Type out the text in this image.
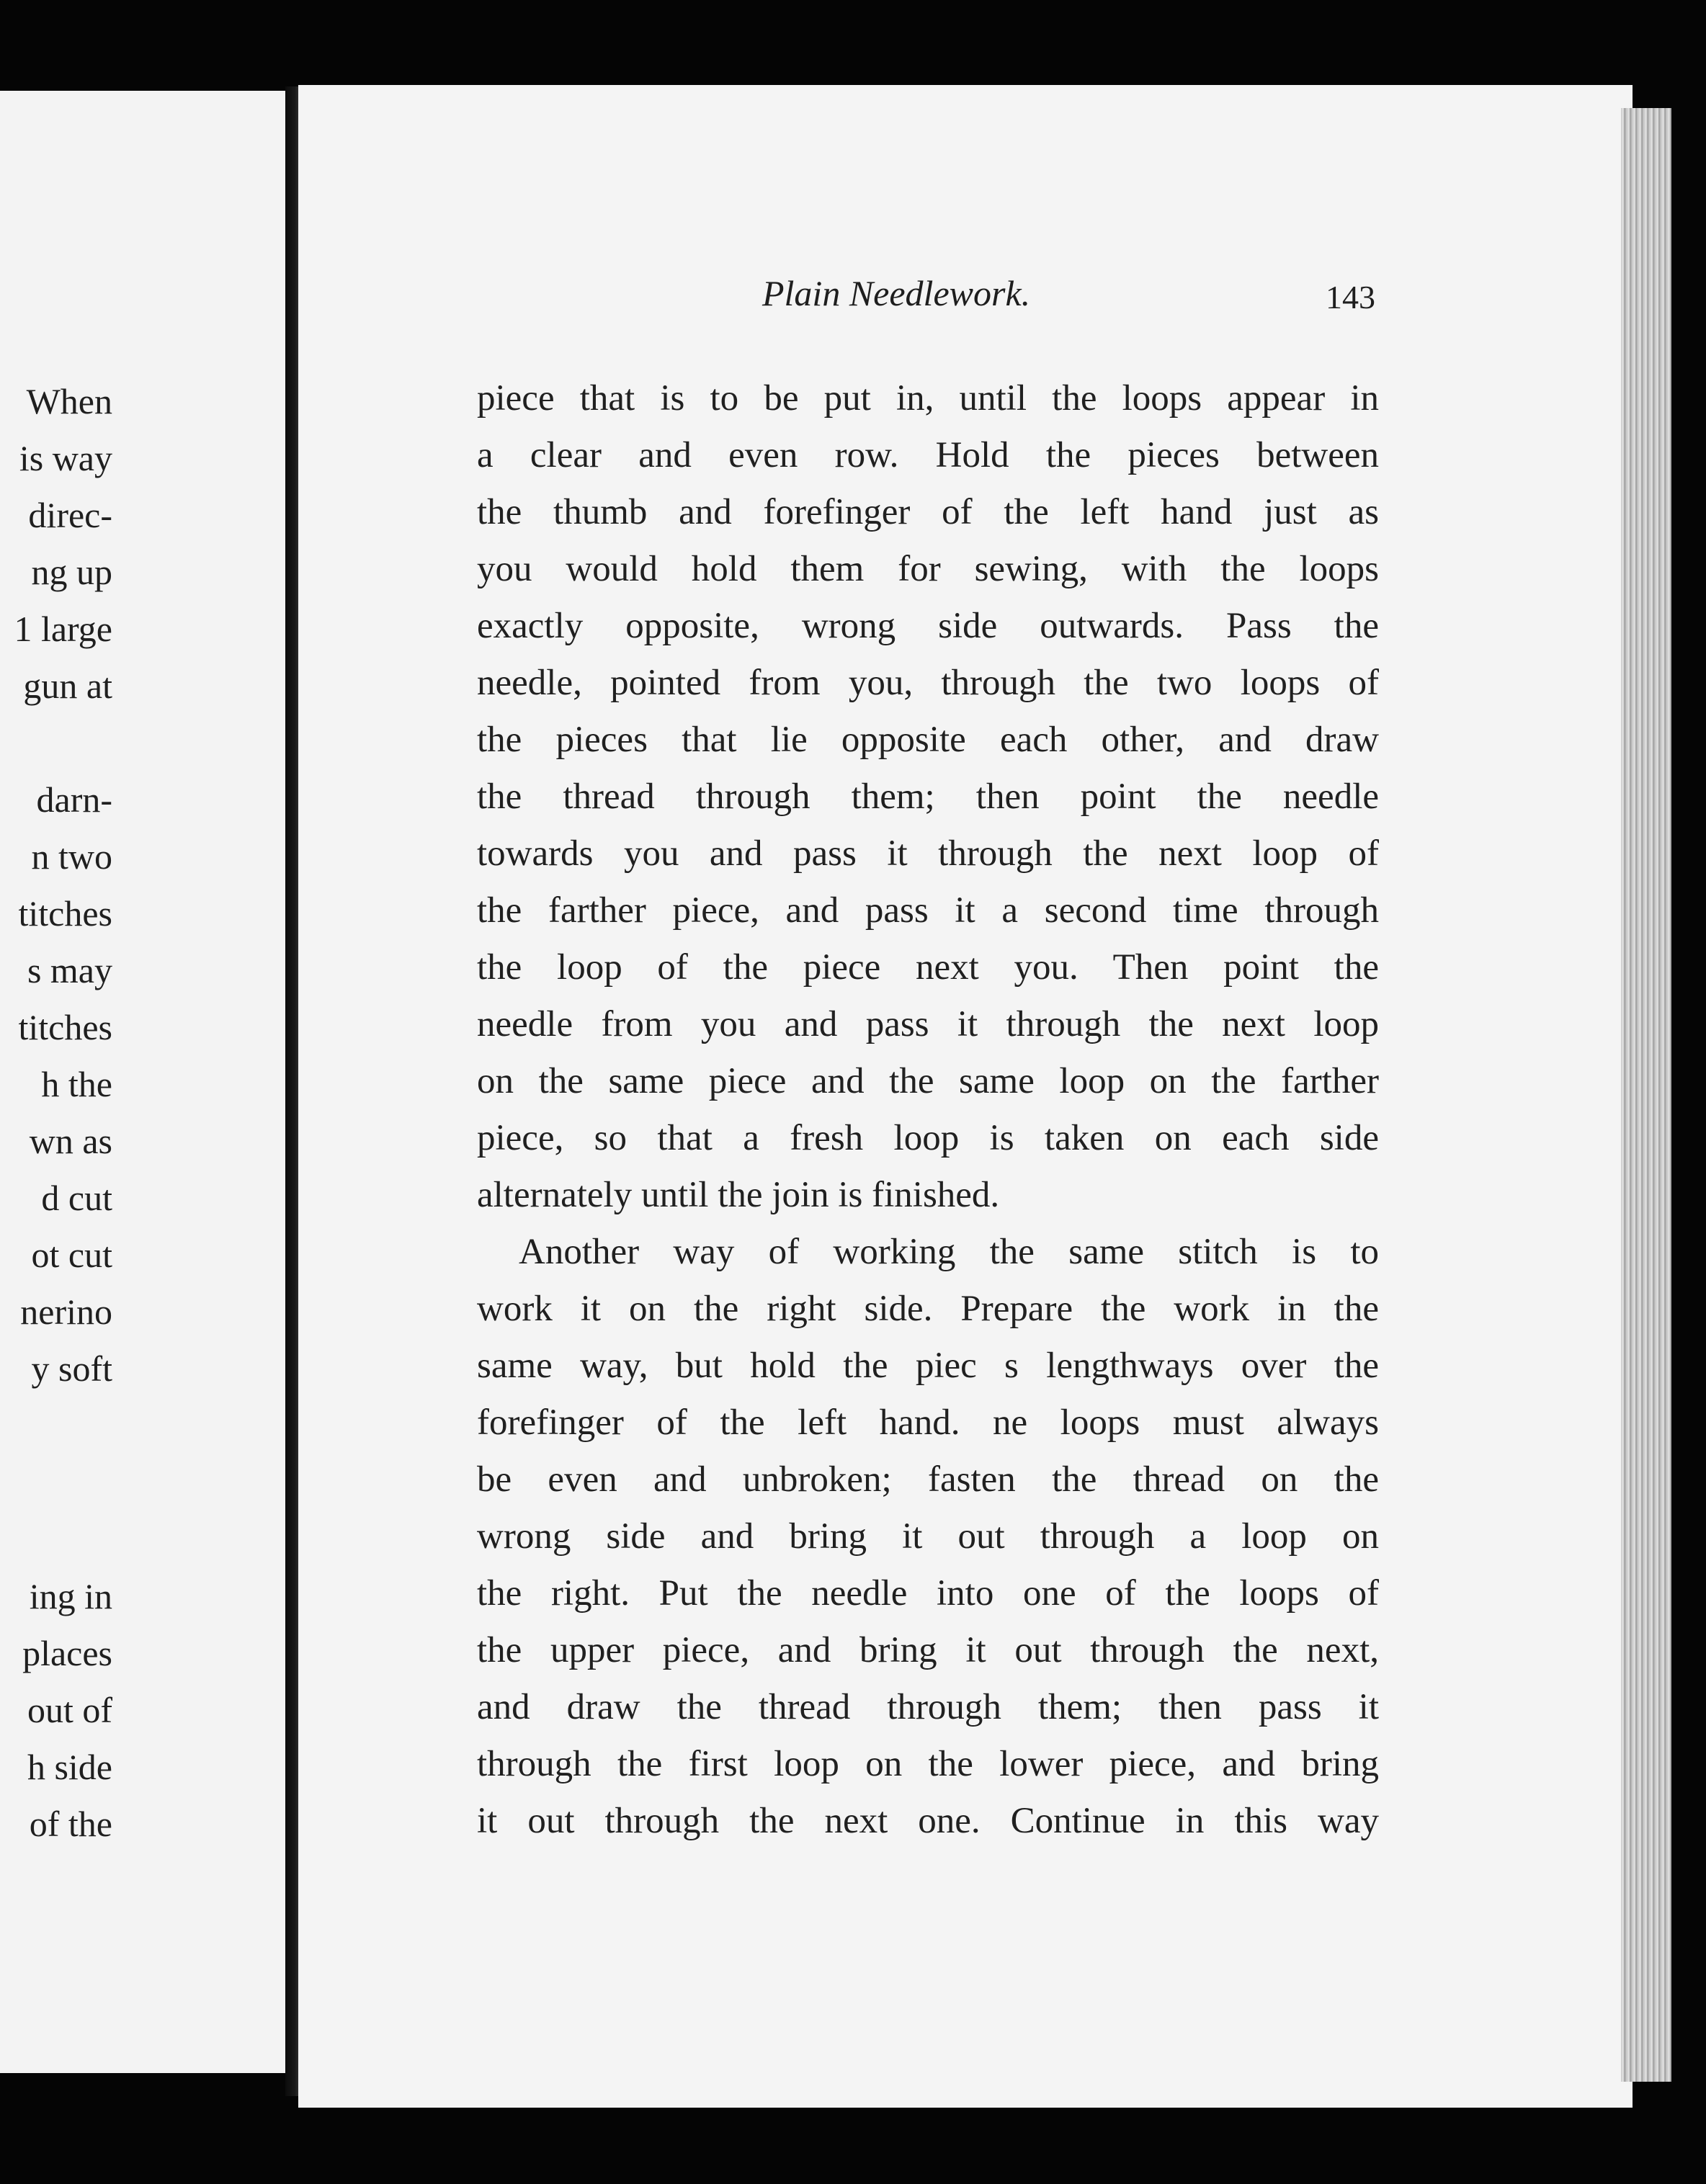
When
is way
direc-
ng up
1 large
gun at
darn-
n two
titches
s may
titches
h the
wn as
d cut
ot cut
nerino
y soft
ing in
places
out of
h side
of the
Plain Needlework.	143
piece that is to be put in, until the loops appear in
a clear and even row. Hold the pieces between
the thumb and forefinger of the left hand just as
you would hold them for sewing, with the loops
exactly opposite, wrong side outwards. Pass the
needle, pointed from you, through the two loops of
the pieces that lie opposite each other, and draw
the thread through them; then point the needle
towards you and pass it through the next loop of
the farther piece, and pass it a second time through
the loop of the piece next you. Then point the
needle from you and pass it through the next loop
on the same piece and the same loop on the farther
piece, so that a fresh loop is taken on each side
alternately until the join is finished.
Another way of working the same stitch is to
work it on the right side. Prepare the work in the
same way, but hold the piec s lengthways over the
forefinger of the left hand. ne loops must always
be even and unbroken; fasten the thread on the
wrong side and bring it out through a loop on
the right. Put the needle into one of the loops of
the upper piece, and bring it out through the next,
and draw the thread through them; then pass it
through the first loop on the lower piece, and bring
it out through the next one. Continue in this way
